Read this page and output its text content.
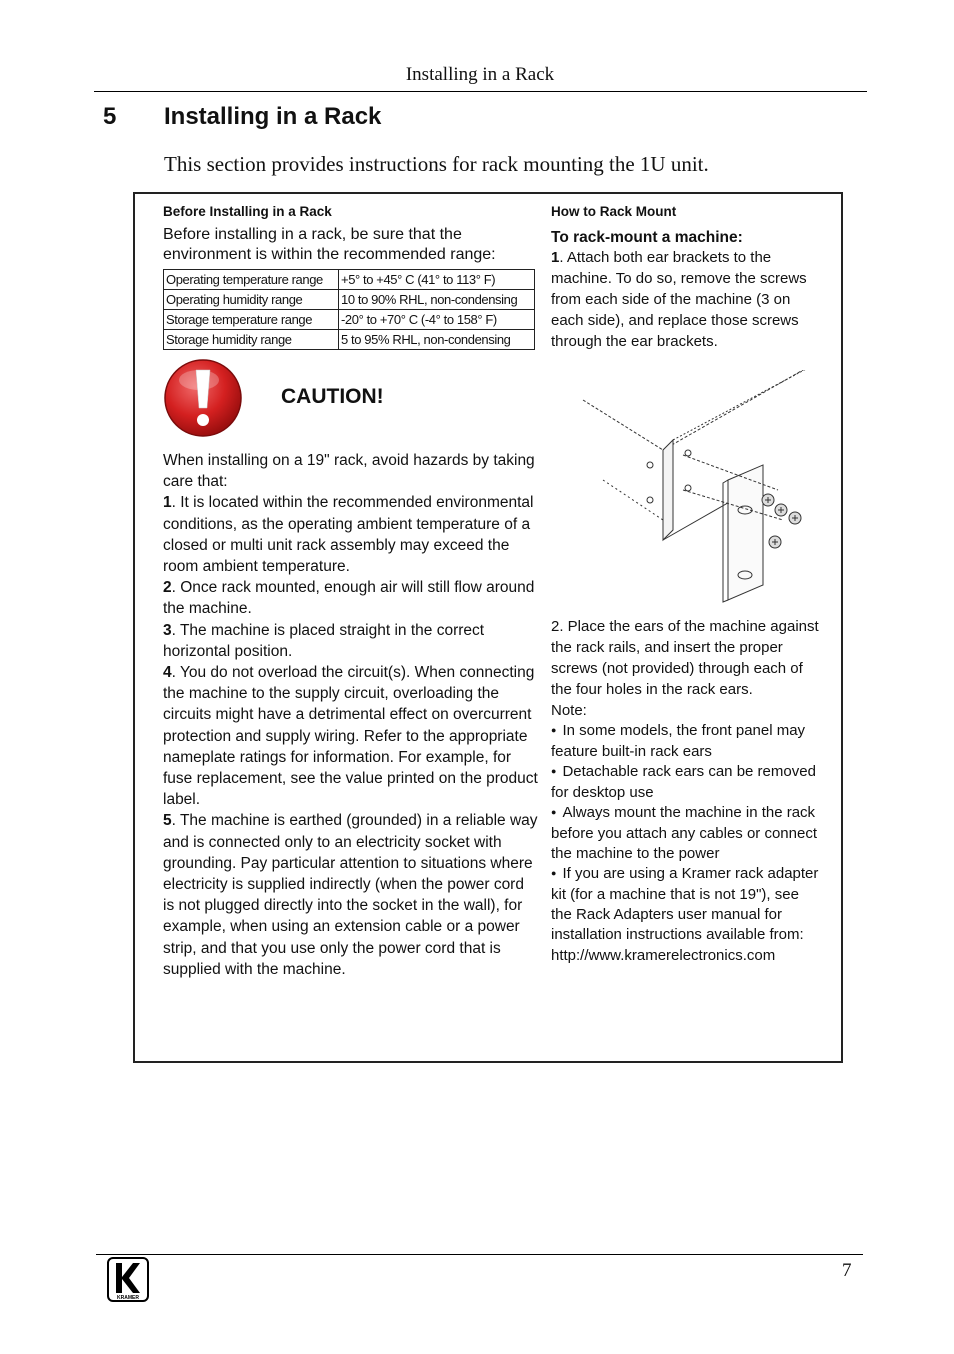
Installing in a Rack
5 Installing in a Rack
This section provides instructions for rack mounting the 1U unit.

Before Installing in a Rack

Before installing in a rack, be sure that the environment is within the recommended range:

Operating temperature range	+5° to +45° C (41° to 113° F)
Operating humidity range	10 to 90% RHL, non-condensing
Storage temperature range	-20° to +70° C (-4° to 158° F)
Storage humidity range	5 to 95% RHL, non-condensing
CAUTION!

When installing on a 19" rack, avoid hazards by taking care that:

1. It is located within the recommended environmental conditions, as the operating ambient temperature of a closed or multi unit rack assembly may exceed the room ambient temperature.

2. Once rack mounted, enough air will still flow around the machine.

3. The machine is placed straight in the correct horizontal position.

4. You do not overload the circuit(s). When connecting the machine to the supply circuit, overloading the circuits might have a detrimental effect on overcurrent protection and supply wiring. Refer to the appropriate nameplate ratings for information. For example, for fuse replacement, see the value printed on the product label.

5. The machine is earthed (grounded) in a reliable way and is connected only to an electricity socket with grounding. Pay particular attention to situations where electricity is supplied indirectly (when the power cord is not plugged directly into the socket in the wall), for example, when using an extension cable or a power strip, and that you use only the power cord that is supplied with the machine.

How to Rack Mount

To rack-mount a machine:

1. Attach both ear brackets to the machine. To do so, remove the screws from each side of the machine (3 on each side), and replace those screws through the ear brackets.

2. Place the ears of the machine against the rack rails, and insert the proper screws (not provided) through each of the four holes in the rack ears.

Note:

● In some models, the front panel may feature built-in rack ears
● Detachable rack ears can be removed for desktop use
● Always mount the machine in the rack before you attach any cables or connect the machine to the power
● If you are using a Kramer rack adapter kit (for a machine that is not 19"), see the Rack Adapters user manual for installation instructions available from:
http://www.kramerelectronics.com
KRAMER
7
